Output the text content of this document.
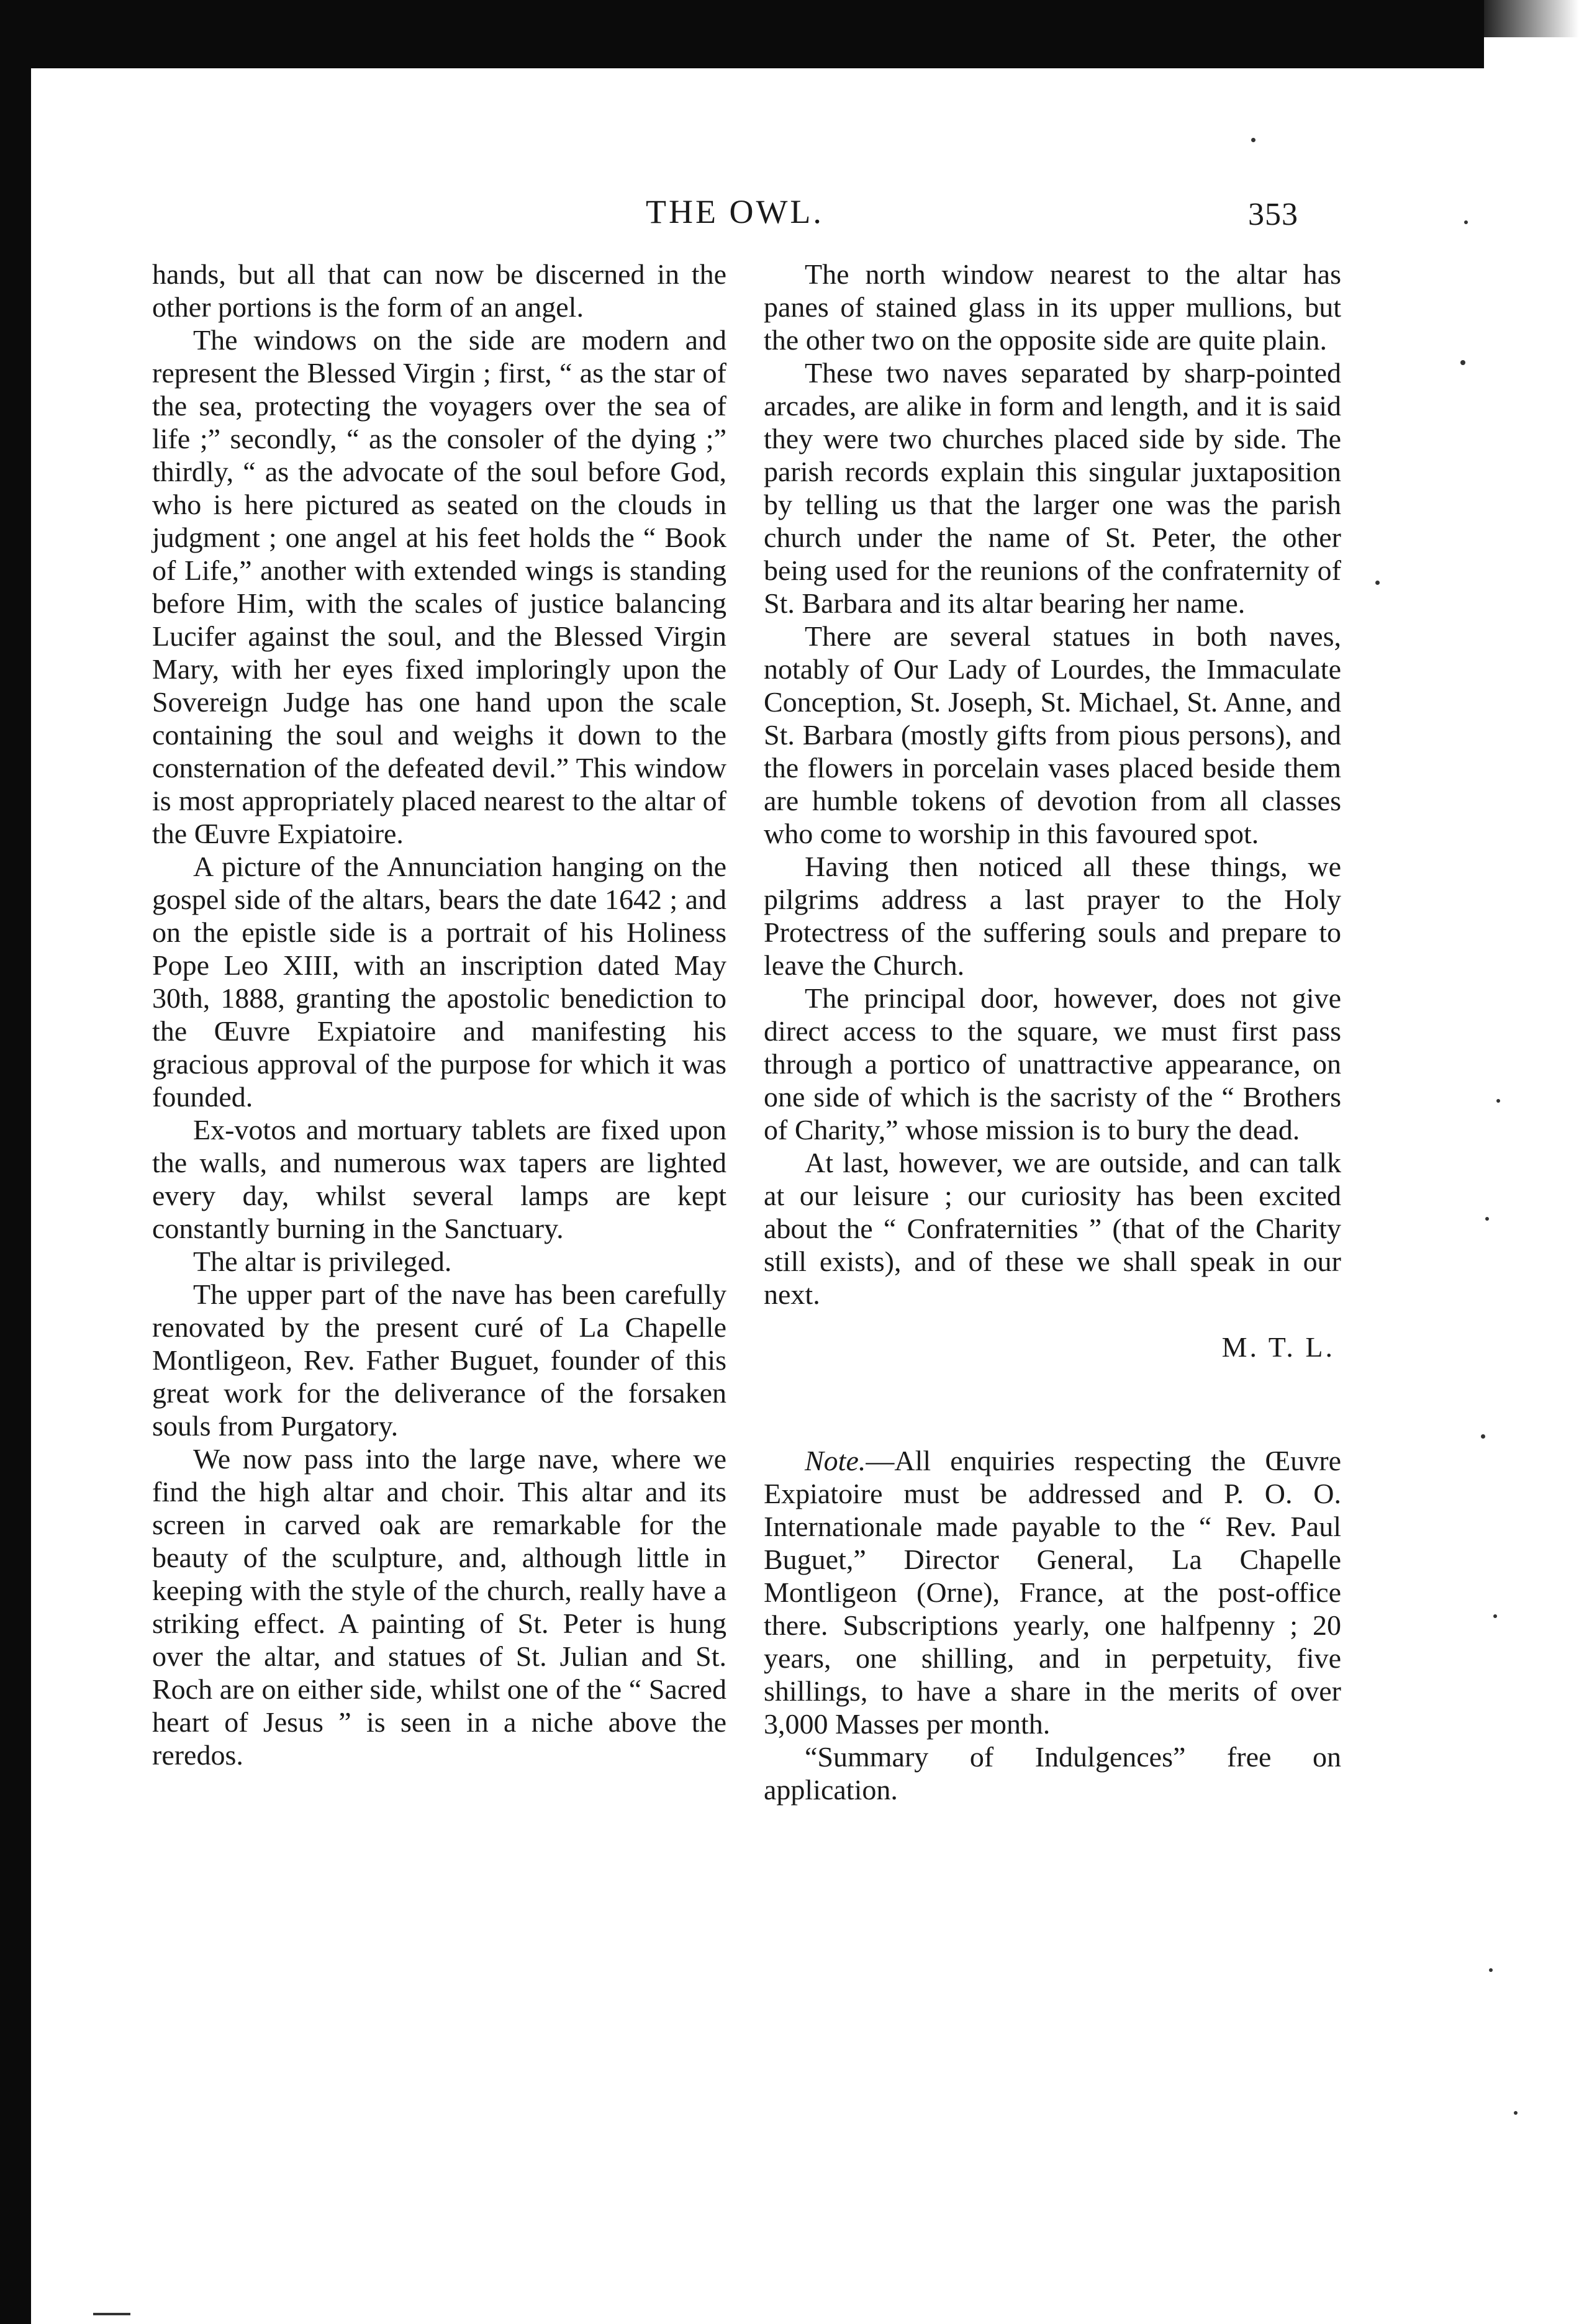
THE OWL.	353

hands, but all that can now be discerned in the other portions is the form of an angel.

The windows on the side are modern and represent the Blessed Virgin ; first, “ as the star of the sea, protecting the voyagers over the sea of life ;” secondly, “ as the consoler of the dying ;” thirdly, “ as the advocate of the soul before God, who is here pictured as seated on the clouds in judgment ; one angel at his feet holds the “ Book of Life,” another with extended wings is standing before Him, with the scales of justice balancing Lucifer against the soul, and the Blessed Virgin Mary, with her eyes fixed imploringly upon the Sovereign Judge has one hand upon the scale containing the soul and weighs it down to the consternation of the defeated devil.” This window is most appropriately placed nearest to the altar of the Œuvre Expiatoire.

A picture of the Annunciation hanging on the gospel side of the altars, bears the date 1642 ; and on the epistle side is a portrait of his Holiness Pope Leo XIII, with an inscription dated May 30th, 1888, granting the apostolic benediction to the Œuvre Expiatoire and manifesting his gracious approval of the purpose for which it was founded.

Ex-votos and mortuary tablets are fixed upon the walls, and numerous wax tapers are lighted every day, whilst several lamps are kept constantly burning in the Sanctuary.

The altar is privileged.

The upper part of the nave has been carefully renovated by the present curé of La Chapelle Montligeon, Rev. Father Buguet, founder of this great work for the deliverance of the forsaken souls from Purgatory.

We now pass into the large nave, where we find the high altar and choir. This altar and its screen in carved oak are remarkable for the beauty of the sculpture, and, although little in keeping with the style of the church, really have a striking effect. A painting of St. Peter is hung over the altar, and statues of St. Julian and St. Roch are on either side, whilst one of the “ Sacred heart of Jesus ” is seen in a niche above the reredos.

The north window nearest to the altar has panes of stained glass in its upper mullions, but the other two on the opposite side are quite plain.

These two naves separated by sharp-pointed arcades, are alike in form and length, and it is said they were two churches placed side by side. The parish records explain this singular juxtaposition by telling us that the larger one was the parish church under the name of St. Peter, the other being used for the reunions of the confraternity of St. Barbara and its altar bearing her name.

There are several statues in both naves, notably of Our Lady of Lourdes, the Immaculate Conception, St. Joseph, St. Michael, St. Anne, and St. Barbara (mostly gifts from pious persons), and the flowers in porcelain vases placed beside them are humble tokens of devotion from all classes who come to worship in this favoured spot.

Having then noticed all these things, we pilgrims address a last prayer to the Holy Protectress of the suffering souls and prepare to leave the Church.

The principal door, however, does not give direct access to the square, we must first pass through a portico of unattractive appearance, on one side of which is the sacristy of the “ Brothers of Charity,” whose mission is to bury the dead.

At last, however, we are outside, and can talk at our leisure ; our curiosity has been excited about the “ Confraternities ” (that of the Charity still exists), and of these we shall speak in our next.

M. T. L.

Note.—All enquiries respecting the Œuvre Expiatoire must be addressed and P. O. O. Internationale made payable to the “ Rev. Paul Buguet,” Director General, La Chapelle Montligeon (Orne), France, at the post-office there. Subscriptions yearly, one halfpenny ; 20 years, one shilling, and in perpetuity, five shillings, to have a share in the merits of over 3,000 Masses per month.

“Summary of Indulgences” free on application.
